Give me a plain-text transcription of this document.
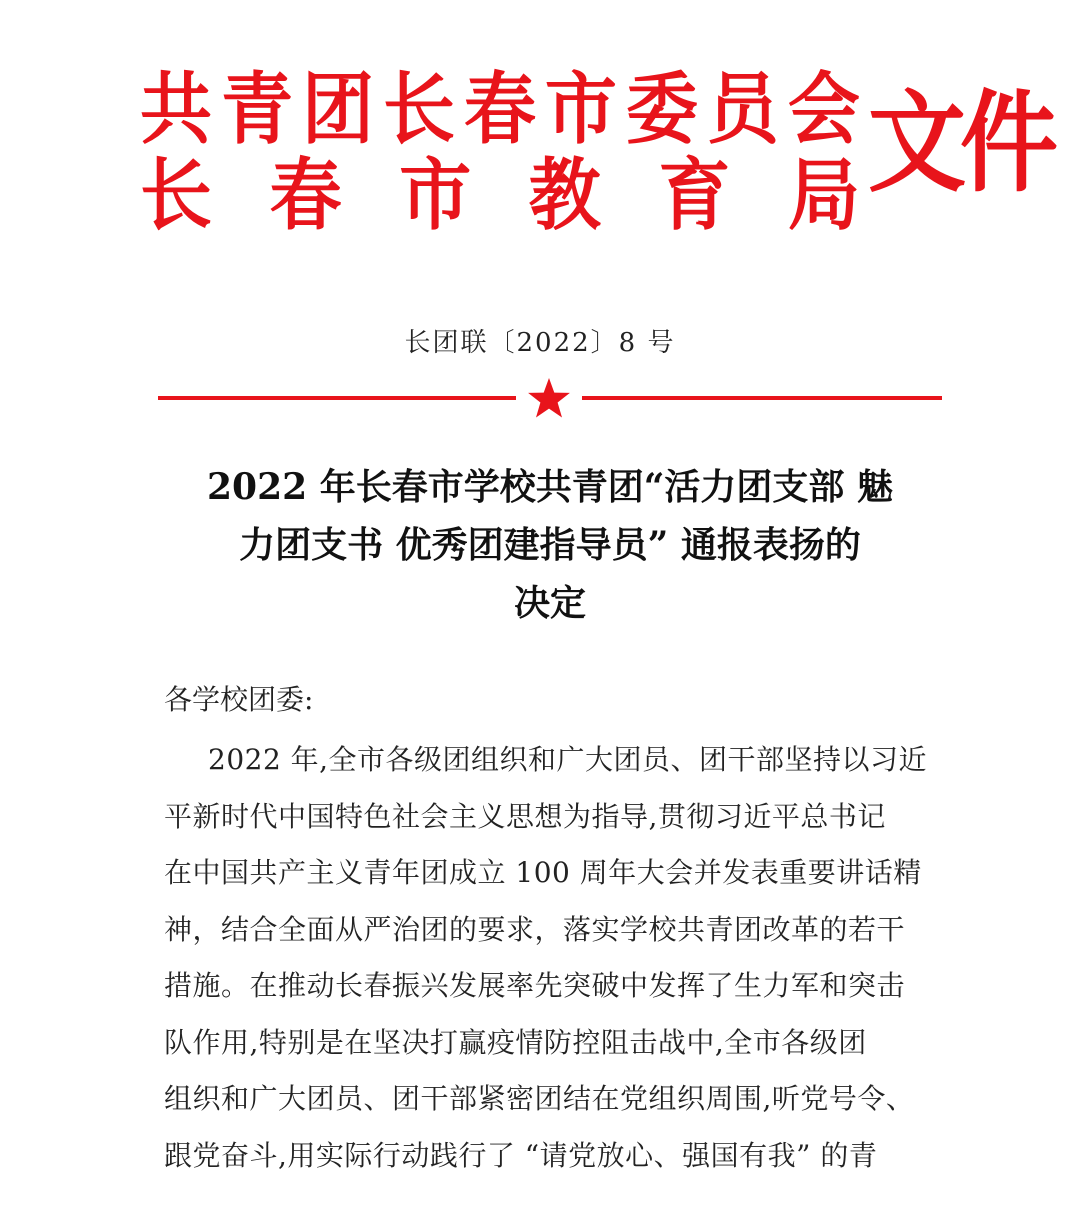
共 青 团 长 春 市 委 员 会
长 春 市 教 育 局 文件
长团联〔2022〕8 号
2022 年长春市学校共青团“活力团支部 魅
力团支书 优秀团建指导员” 通报表扬的
决定
各学校团委:
2022 年,全市各级团组织和广大团员、团干部坚持以习近
平新时代中国特色社会主义思想为指导,贯彻习近平总书记
在中国共产主义青年团成立 100 周年大会并发表重要讲话精
神，结合全面从严治团的要求，落实学校共青团改革的若干
措施。在推动长春振兴发展率先突破中发挥了生力军和突击
队作用,特别是在坚决打赢疫情防控阻击战中,全市各级团
组织和广大团员、团干部紧密团结在党组织周围,听党号令、
跟党奋斗,用实际行动践行了 “请党放心、强国有我” 的青
